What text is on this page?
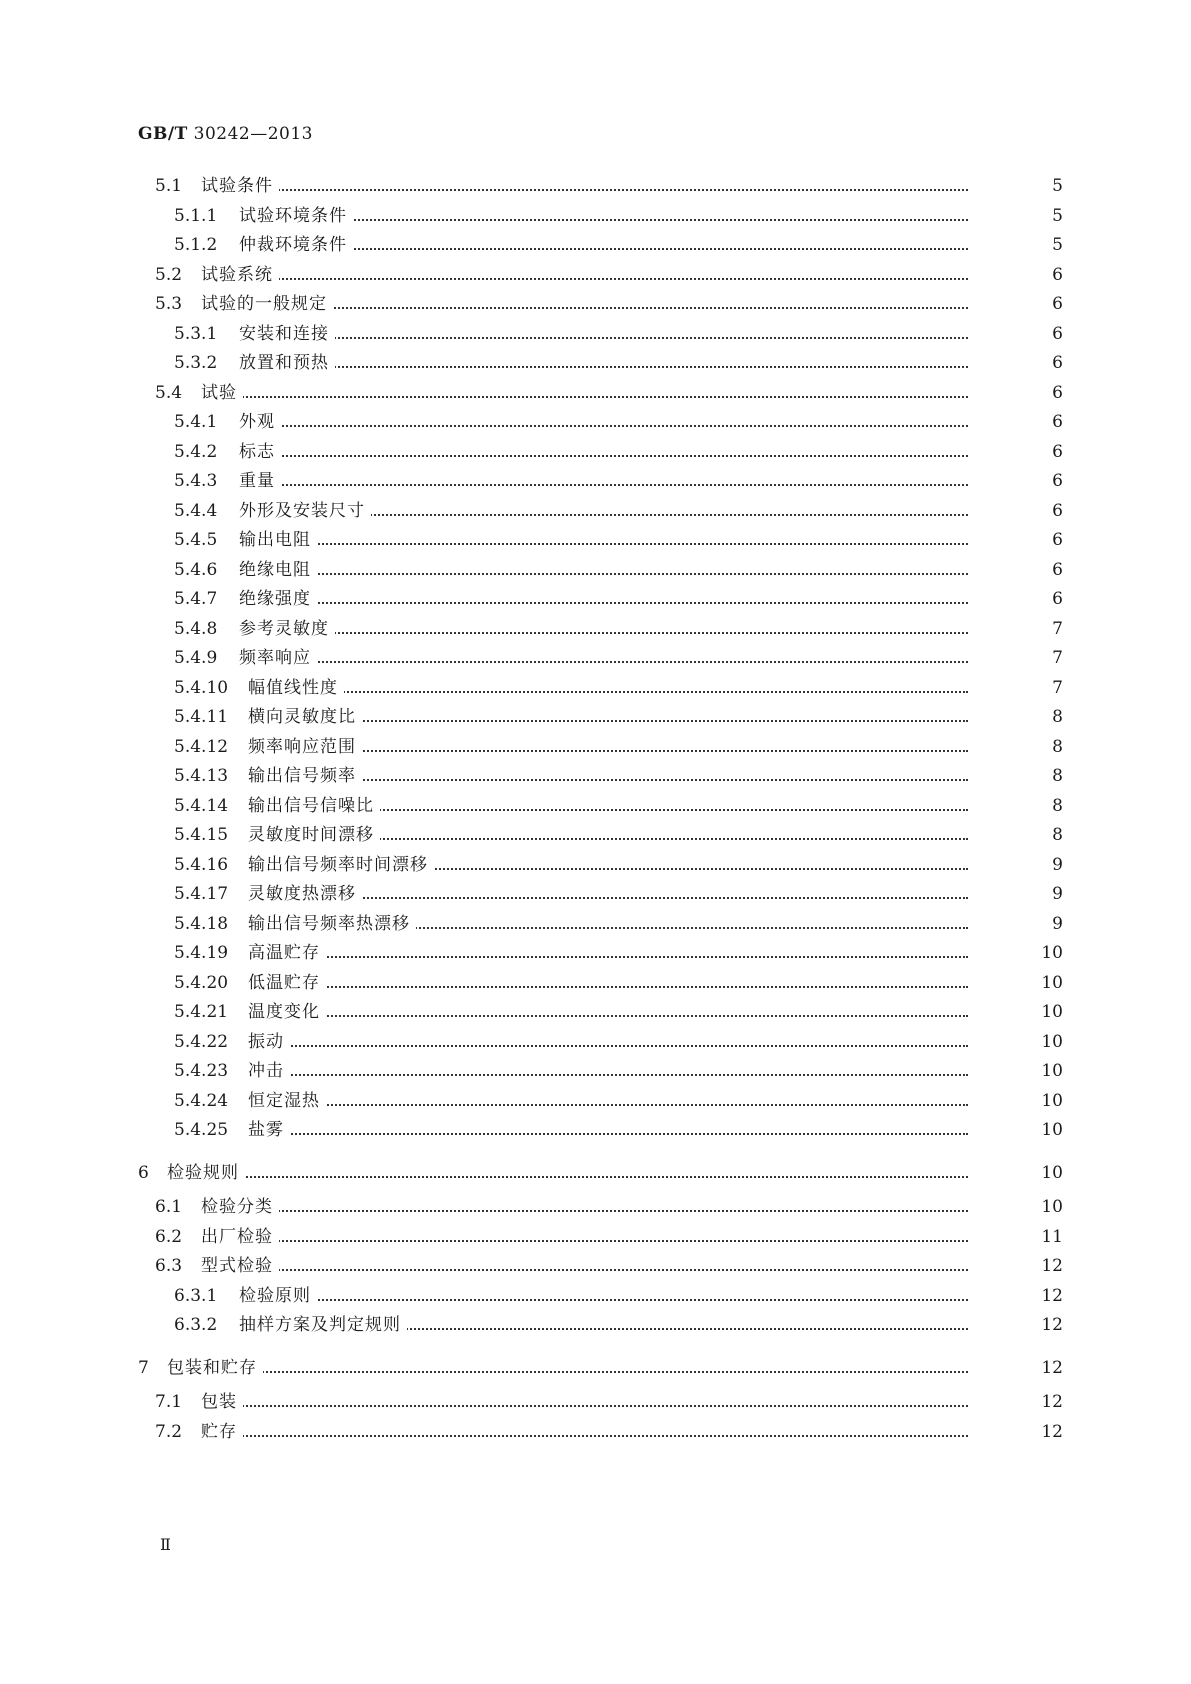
GB/T 30242—2013
5.1 试验条件	5
5.1.1 试验环境条件	5
5.1.2 仲裁环境条件	5
5.2 试验系统	6
5.3 试验的一般规定	6
5.3.1 安装和连接	6
5.3.2 放置和预热	6
5.4 试验	6
5.4.1 外观	6
5.4.2 标志	6
5.4.3 重量	6
5.4.4 外形及安装尺寸	6
5.4.5 输出电阻	6
5.4.6 绝缘电阻	6
5.4.7 绝缘强度	6
5.4.8 参考灵敏度	7
5.4.9 频率响应	7
5.4.10 幅值线性度	7
5.4.11 横向灵敏度比	8
5.4.12 频率响应范围	8
5.4.13 输出信号频率	8
5.4.14 输出信号信噪比	8
5.4.15 灵敏度时间漂移	8
5.4.16 输出信号频率时间漂移	9
5.4.17 灵敏度热漂移	9
5.4.18 输出信号频率热漂移	9
5.4.19 高温贮存	10
5.4.20 低温贮存	10
5.4.21 温度变化	10
5.4.22 振动	10
5.4.23 冲击	10
5.4.24 恒定湿热	10
5.4.25 盐雾	10
6 检验规则	10
6.1 检验分类	10
6.2 出厂检验	11
6.3 型式检验	12
6.3.1 检验原则	12
6.3.2 抽样方案及判定规则	12
7 包装和贮存	12
7.1 包装	12
7.2 贮存	12
Ⅱ
